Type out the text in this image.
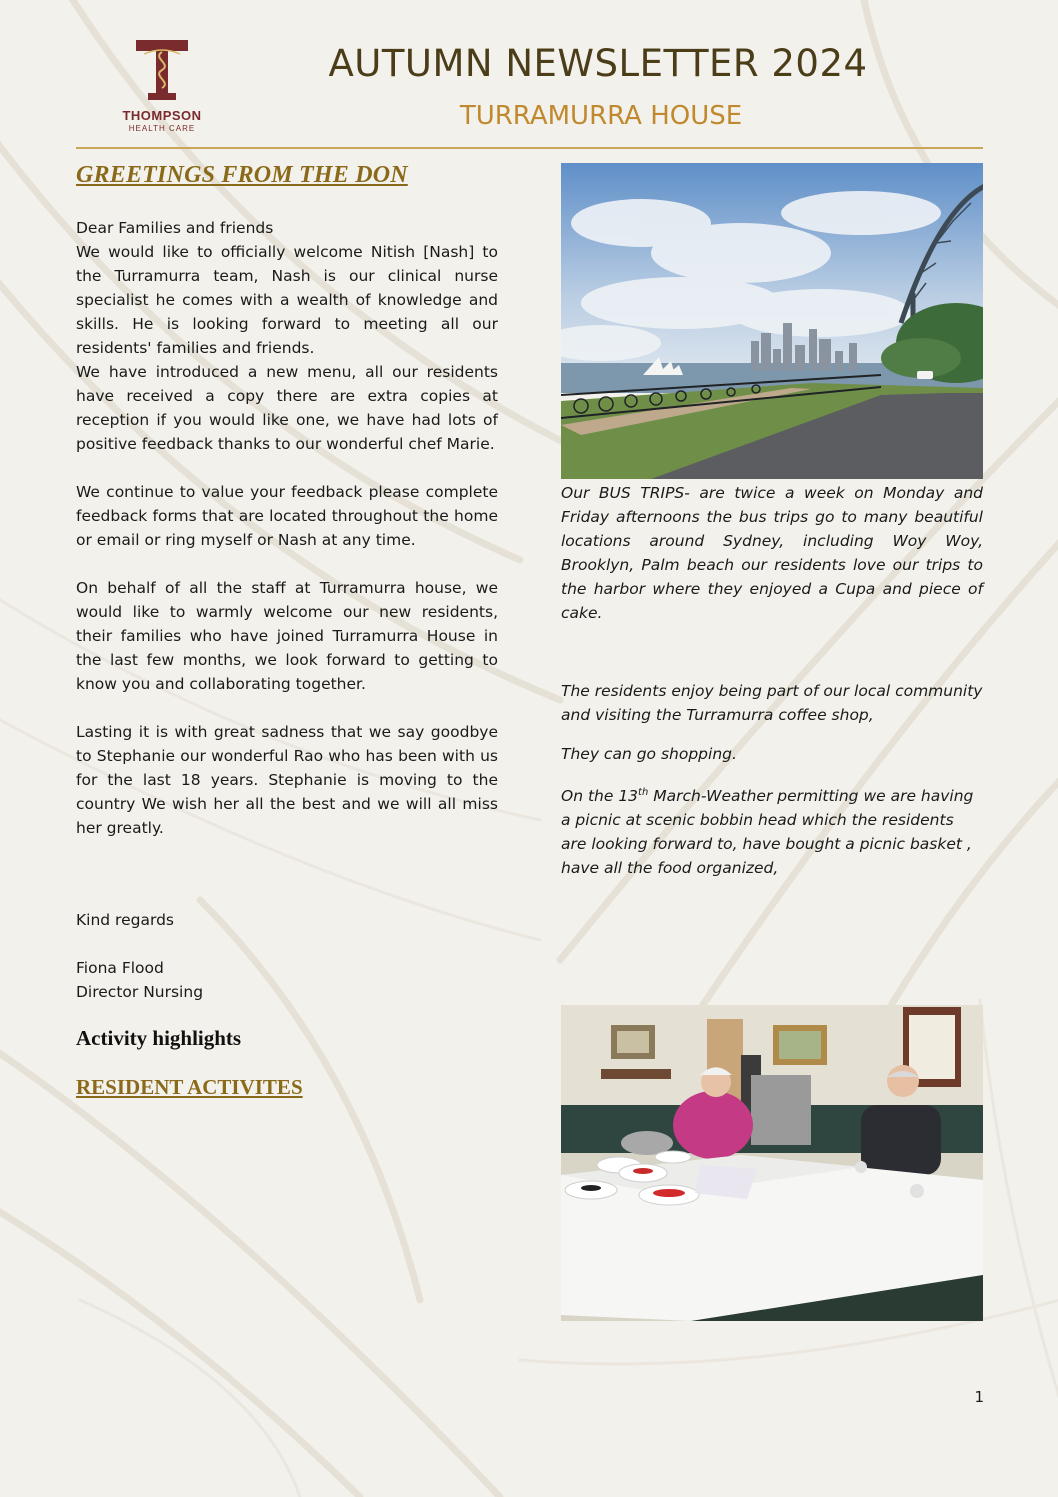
THOMPSON
HEALTH CARE
AUTUMN NEWSLETTER 2024
TURRAMURRA HOUSE
GREETINGS FROM THE DON

Dear Families and friends

We would like to officially welcome Nitish [Nash] to the Turramurra team, Nash is our clinical nurse specialist he comes with a wealth of knowledge and skills. He is looking forward to meeting all our residents' families and friends.

We have introduced a new menu, all our residents have received a copy there are extra copies at reception if you would like one, we have had lots of positive feedback thanks to our wonderful chef Marie.

We continue to value your feedback please complete feedback forms that are located throughout the home or email or ring myself or Nash at any time.

On behalf of all the staff at Turramurra house, we would like to warmly welcome our new residents, their families who have joined Turramurra House in the last few months, we look forward to getting to know you and collaborating together.

Lasting it is with great sadness that we say goodbye to Stephanie our wonderful Rao who has been with us for the last 18 years. Stephanie is moving to the country We wish her all the best and we will all miss her greatly.

Kind regards

Fiona Flood

Director Nursing

Activity highlights
RESIDENT ACTIVITES

Our BUS TRIPS- are twice a week on Monday and Friday afternoons the bus trips go to many beautiful locations around Sydney, including Woy Woy, Brooklyn, Palm beach our residents love our trips to the harbor where they enjoyed a Cupa and piece of cake.

The residents enjoy being part of our local community and visiting the Turramurra coffee shop,

They can go shopping.

On the 13th March-Weather permitting we are having a picnic at scenic bobbin head which the residents are looking forward to, have bought a picnic basket , have all the food organized,

1
